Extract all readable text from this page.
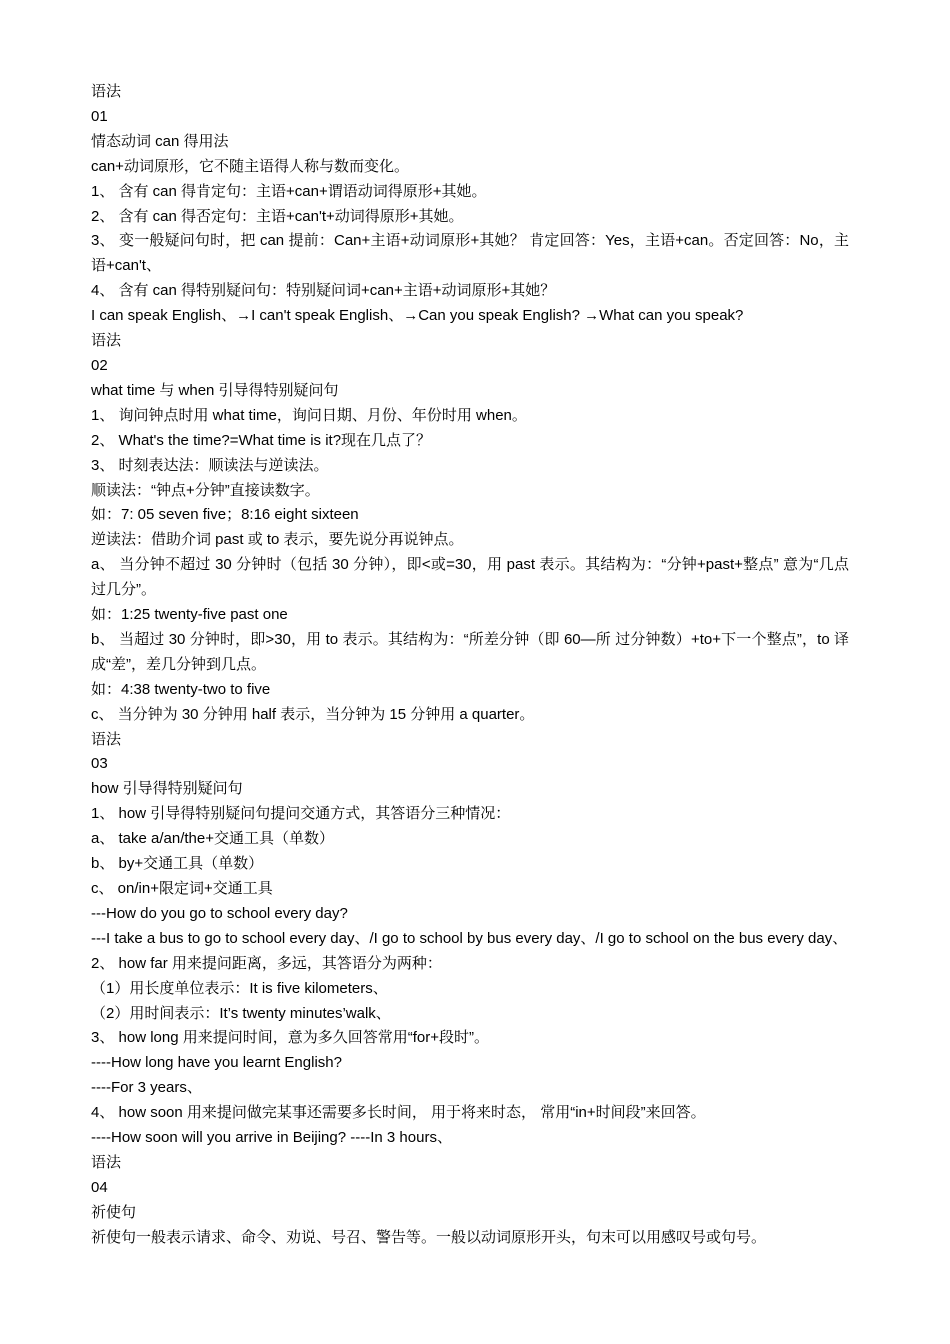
语法
01
情态动词 can 得用法
can+动词原形，它不随主语得人称与数而变化。
1、 含有 can 得肯定句：主语+can+谓语动词得原形+其她。
2、 含有 can 得否定句：主语+can't+动词得原形+其她。
3、 变一般疑问句时，把 can 提前：Can+主语+动词原形+其她？ 肯定回答：Yes，主语+can。否定回答：No，主语+can't、
4、 含有 can 得特别疑问句：特别疑问词+can+主语+动词原形+其她？
I can speak English、→I can't speak English、→Can you speak English? →What can you speak?
语法
02
what time 与 when 引导得特别疑问句
1、 询问钟点时用 what time，询问日期、月份、年份时用 when。
2、 What's the time?=What time is it?现在几点了？
3、 时刻表达法：顺读法与逆读法。
顺读法：“钟点+分钟”直接读数字。
如：7: 05 seven five；8:16 eight sixteen
逆读法：借助介词 past 或 to 表示，要先说分再说钟点。
a、 当分钟不超过 30 分钟时（包括 30 分钟），即<或=30，用 past 表示。其结构为：“分钟+past+整点” 意为“几点过几分”。
如：1:25 twenty-five past one
b、 当超过 30 分钟时，即>30，用 to 表示。其结构为：“所差分钟（即 60—所 过分钟数）+to+下一个整点”，to 译成“差”，差几分钟到几点。
如：4:38 twenty-two to five
c、 当分钟为 30 分钟用 half 表示，当分钟为 15 分钟用 a quarter。
语法
03
how 引导得特别疑问句
1、 how 引导得特别疑问句提问交通方式，其答语分三种情况：
a、 take a/an/the+交通工具（单数）
b、 by+交通工具（单数）
c、 on/in+限定词+交通工具
---How do you go to school every day?
---I take a bus to go to school every day、/I go to school by bus every day、/I go to school on the bus every day、
2、 how far 用来提问距离，多远，其答语分为两种：
（1）用长度单位表示：It is five kilometers、
（2）用时间表示：It’s twenty minutes’walk、
3、 how long 用来提问时间，意为多久回答常用“for+段时”。
----How long have you learnt English?
----For 3 years、
4、 how soon 用来提问做完某事还需要多长时间， 用于将来时态， 常用“in+时间段”来回答。
----How soon will you arrive in Beijing? ----In 3 hours、
语法
04
祈使句
祈使句一般表示请求、命令、劝说、号召、警告等。一般以动词原形开头，句末可以用感叹号或句号。
